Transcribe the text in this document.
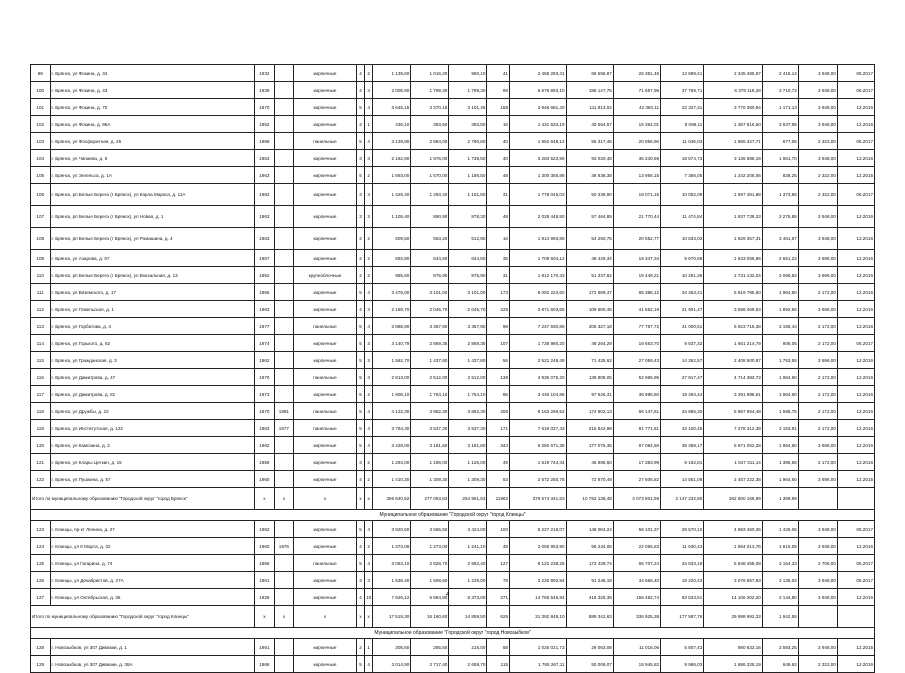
99	г. Брянск, ул Фокина, д. 34	1932		кирпичные	4	2	1 139,60	1 016,20	960,10	41	2 455 283,41	69 556,87	26 351,46	13 689,41	2 345 485,67	2 415,14	3 948,00	06.2017
100	г. Брянск, ул Фокина, д. 43	1939		кирпичные	4	3	2 006,90	1 799,30	1 799,30	69	6 676 693,10	189 147,75	71 657,96	37 769,71	6 378 118,28	3 710,72	3 948,00	06.2017
101	г. Брянск, ул Фокина, д. 70	1970		кирпичные	5	4	3 645,15	3 370,15	3 101,45	158	3 946 681,40	111 813,04	42 360,11	22 327,31	3 770 380,94	1 171,13	3 948,00	12.2016
102	г. Брянск, ул Фокина, д. 96А	1952		кирпичные	2	1	436,10	393,50	393,50	16	1 431 633,19	40 554,57	15 364,01	8 098,11	1 367 616,50	3 637,95	3 948,00	12.2016
103	г. Брянск, ул Фосфоритная, д. 25	1989		панельные	5	4	3 139,90	2 884,00	2 790,60	40	1 952 648,12	55 317,46	20 956,90	11 046,03	1 865 327,71	677,06	2 322,00	06.2017
104	г. Брянск, ул Чапаева, д. 6	1953		кирпичные	3	3	2 162,80	1 976,00	1 739,50	40	3 283 523,99	93 020,48	35 240,59	18 574,73	3 136 688,19	1 661,70	3 948,00	12.2016
105	г. Брянск, ул Энгельса, д. 1А	1963		кирпичные	5	2	1 693,00	1 570,00	1 186,50	48	1 300 355,88	36 838,38	13 956,15	7 356,05	1 242 205,06	828,25	2 322,00	12.2016
106	г. Брянск, рп Белые Берега (г Брянск), ул Карла Маркса, д. 11А	1982		кирпичные	3	3	1 426,40	1 293,40	1 101,60	31	1 778 045,03	50 339,90	19 071,15	10 052,09	1 697 481,88	1 373,86	2 322,00	06.2017
107	г. Брянск, рп Белые Берега (г Брянск), ул Новая, д. 1	1963		кирпичные	3	3	1 105,40	890,90	878,30	48	2 028 448,50	57 464,89	21 770,44	11 474,84	1 937 739,33	2 276,85	3 948,00	12.2016
108	г. Брянск, рп Белые Берега (г Брянск), ул Ромашина, д. 4	1963		кирпичные	2	2	609,50	553,20	512,90	16	1 914 993,85	54 250,75	20 552,77	10 833,02	1 829 357,31	3 461,67	3 948,00	12.2016
109	г. Брянск, ул Азарова, д. 57	1957		кирпичные	2	2	692,80	644,60	644,60	35	1 709 604,12	48 429,34	18 347,34	9 670,68	1 633 056,86	2 651,22	3 696,00	12.2016
110	г. Брянск, рп Белые Берега (г Брянск), ул Вокзальная, д. 13	1952		крупноблочные	2	2	985,60	875,90	875,90	31	1 812 170,43	51 337,82	19 449,21	10 251,36	1 731 132,04	2 068,92	3 696,00	12.2016
111	г. Брянск, ул Вяземского, д. 17	1966		кирпичные	5	4	3 476,00	3 101,00	3 101,00	173	6 092 224,60	172 589,47	65 386,12	34 463,41	5 819 785,60	1 964,60	2 172,00	12.2016
112	г. Брянск, ул Гомельская, д. 1	1963		кирпичные	4	3	2 189,70	2 045,70	2 045,70	225	3 871 603,65	109 680,46	41 552,19	21 901,47	3 698 469,53	1 892,56	3 696,00	12.2016
113	г. Брянск, ул Горбатова, д. 4	1977		панельные	5	4	3 888,90	3 357,90	3 357,90	98	7 247 830,89	205 327,18	77 787,72	41 000,61	6 923 715,38	2 158,44	2 172,00	12.2016
114	г. Брянск, ул Горького, д. 62	1974		кирпичные	5	3	3 140,79	2 869,35	2 869,35	107	1 738 980,20	49 264,29	18 663,70	9 837,32	1 661 214,79	606,05	2 172,00	06.2017
115	г. Брянск, ул Гражданская, д. 3	1962		кирпичные	5	3	1 562,70	1 437,80	1 437,80	56	2 521 248,49	71 425,62	27 059,43	14 262,57	2 408 500,87	1 753,55	3 696,00	12.2016
116	г. Брянск, ул Димитрова, д. 47	1970		панельные	5	3	2 813,00	2 512,00	2 512,00	138	4 935 075,20	139 808,05	52 965,95	27 917,47	4 714 383,73	1 964,60	2 172,00	12.2016
117	г. Брянск, ул Димитрова, д. 81	1973		кирпичные	5	2	1 906,10	1 754,10	1 754,10	86	3 446 104,86	97 626,31	36 985,50	19 494,44	3 291 998,61	1 964,60	2 172,00	12.2016
118	г. Брянск, ул Дружбы, д. 22	1970	1981	панельные	5	4	4 132,30	3 862,30	3 862,30	206	6 163 269,52	174 602,13	66 147,61	34 865,30	5 887 654,48	1 595,75	2 172,00	12.2016
119	г. Брянск, ул Институтская, д. 122	1963	1977	панельные	5	4	3 794,30	3 537,30	3 537,30	171	7 619 027,43	215 842,98	81 771,61	43 100,45	7 278 312,39	2 153,91	2 172,00	12.2016
120	г. Брянск, ул Камозина, д. 2	1962		кирпичные	5	4	3 428,00	3 181,60	3 181,60	344	6 250 671,36	177 075,35	67 084,56	35 359,17	5 971 052,28	1 964,60	3 696,00	12.2016
121	г. Брянск, ул Клары Цеткин, д. 15	1959		кирпичные	3	2	1 294,00	1 189,00	1 126,00	49	1 619 744,44	45 886,50	17 383,99	9 162,81	1 547 311,14	1 385,58	2 172,00	12.2016
122	г. Брянск, ул Пушкина, д. 57	1960		кирпичные	4	2	1 410,30	1 309,30	1 309,30	53	2 572 250,78	72 870,49	27 606,82	14 551,09	2 457 222,38	1 964,60	3 696,00	12.2016
Итого по муниципальному образованию "Городской округ "город Брянск"		x	x	x	x	x	306 640,52	277 063,83	254 961,53	11962	379 674 341,83	10 753 138,48	4 073 801,59	2 147 232,80	362 600 168,99	1 369,99		
Муниципальное образование "Городской округ "город Клинцы"																		
123	г. Клинцы, пр-кт Ленина, д. 27	1962		кирпичные	5	4	3 920,60	3 665,50	3 424,00	100	5 227 216,07	148 084,24	56 101,37	29 570,10	4 993 460,36	1 426,06	3 948,00	06.2017
124	г. Клинцы, ул 8 Марта, д. 32	1960	1976	кирпичные	4	2	1 373,08	1 273,00	1 241,10	48	2 055 953,90	58 244,08	22 065,63	11 630,43	1 964 013,76	1 615,05	3 948,00	12.2016
125	г. Клинцы, ул Гагарина, д. 74	1966		панельные	5	4	3 063,10	2 828,70	2 592,40	127	6 122 238,25	173 439,74	65 707,24	34 633,19	5 848 458,08	2 164,33	2 706,00	06.2017
126	г. Клинцы, ул Декабристов, д. 27А	1961		кирпичные	3	3	1 536,40	1 508,60	1 229,00	79	3 220 892,94	91 246,18	34 568,40	18 220,43	3 076 857,93	2 135,02	3 948,00	06.2017
127	г. Клинцы, ул Октябрьская, д. 35	1929		кирпичные	4	10	7 626,12	6 884,80	6 373,00	271	14 766 546,94	418 328,39	158 482,74	83 533,61	14 106 202,20	2 144,80	3 948,00	12.2016
Итого по муниципальному образованию "Городской округ "город Клинцы"		x	x	x	x	x	17 519,30	16 160,60	14 859,50	625	31 392 848,10	889 342,63	336 925,38	177 587,76	29 988 992,33	1 942,55		
Муниципальное образование "Городской округ "город Новозыбков"																		
128	г. Новозыбков, ул 307 Дивизии, д. 1	1961		кирпичные	2	1	305,60	285,50	216,00	58	1 026 021,73	29 063,08	11 016,06	5 807,43	980 633,16	3 593,25	3 948,00	12.2016
129	г. Новозыбков, ул 307 Дивизии, д. 38А	1966		кирпичные	5	4	3 014,90	2 717,40	2 659,70	115	1 765 267,11	50 009,07	18 945,82	9 986,03	1 686 326,19	649,62	2 322,00	12.2016
4
